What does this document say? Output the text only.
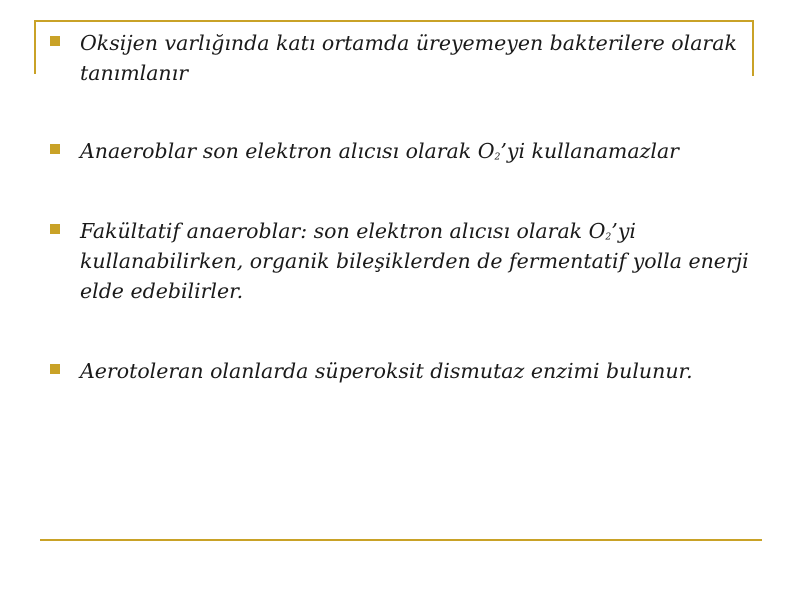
Oksijen varlığında katı ortamda üreyemeyen bakterilere olarak tanımlanır
Anaeroblar son elektron alıcısı olarak $O_2’yi$ kullanamazlar
Fakültatif anaeroblar: son elektron alıcısı olarak $O_2’yi$ kullanabilirken, organik bileşiklerden de fermentatif yolla enerji elde edebilirler.
Aerotoleran olanlarda süperoksit dismutaz enzimi bulunur.
